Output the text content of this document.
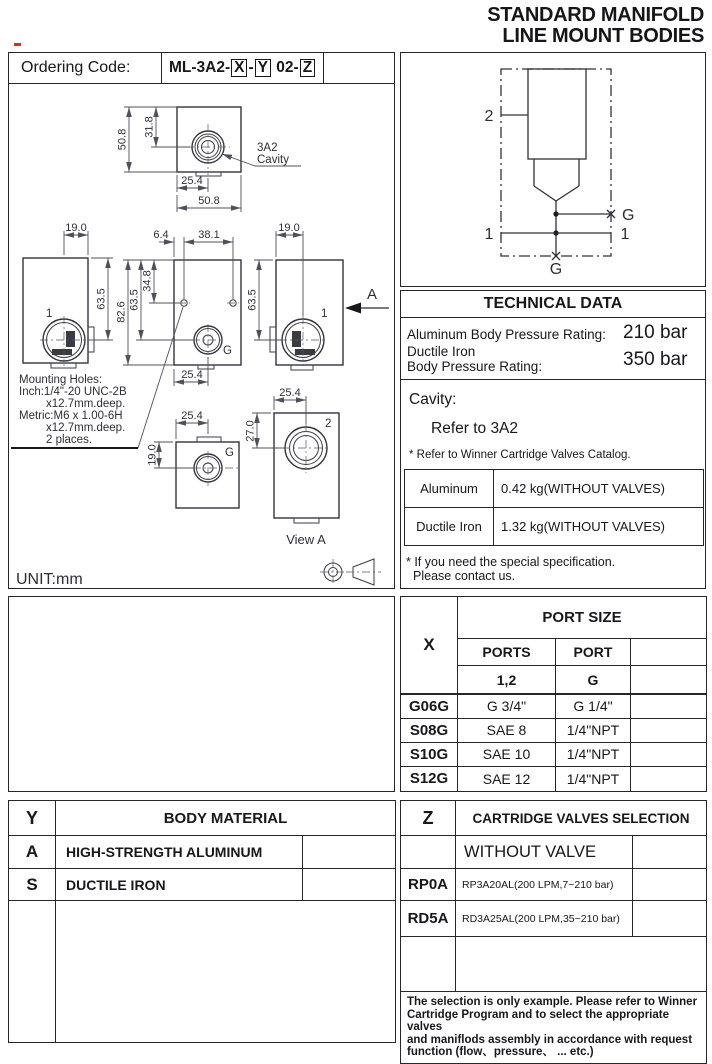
STANDARD MANIFOLD
LINE MOUNT BODIES
Ordering Code:	ML-3A2- X - Y 02- Z
50.8
31.8
25.4
50.8
3A2
Cavity
1
19.0
63.5
G
6.4	38.1
82.6
63.5
34.8
25.4
1
19.0
63.5	A
G
25.4
19.0
2
25.4
27.0
View A
Mounting Holes:
Inch:1/4"-20 UNC-2B
x12.7mm.deep.
Metric:M6 x 1.00-6H
x12.7mm.deep.
2 places.
UNIT:mm
2
1	1
G
G
TECHNICAL DATA
Aluminum Body Pressure Rating: 210 bar
Ductile Iron
Body Pressure Rating:	350 bar
Cavity:
Refer to 3A2
* Refer to Winner Cartridge Valves Catalog.
Aluminum	0.42 kg(WITHOUT VALVES)
Ductile Iron	1.32 kg(WITHOUT VALVES)
* If you need the special specification.
Please contact us.
X	PORT SIZE		
	PORTS	PORT	
	1,2	G	
G06G	G 3/4"	G 1/4"	
S08G	SAE 8	1/4"NPT	
S10G	SAE 10	1/4"NPT	
S12G	SAE 12	1/4"NPT	
Y	BODY MATERIAL	
A	HIGH-STRENGTH ALUMINUM	
S	DUCTILE IRON	

Z	CARTRIDGE VALVES SELECTION	
	WITHOUT VALVE	
RP0A	RP3A20AL(200 LPM,7~210 bar)	
RD5A	RD3A25AL(200 LPM,35~210 bar)	

The selection is only example. Please refer to Winner
Cartridge Program and to select the appropriate valves
and maniflods assembly in accordance with request
function (flow、pressure、 ... etc.)		
